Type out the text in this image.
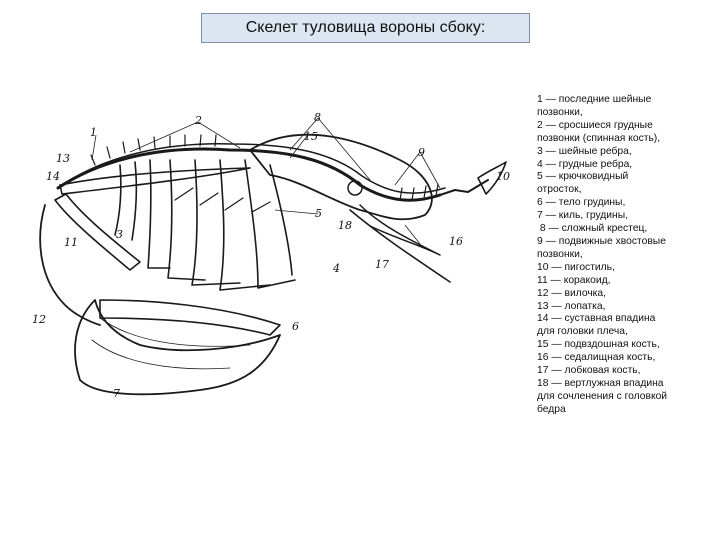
Скелет туловища вороны сбоку:
1
2
3
4
5
6
7
8
9
10
11
12
13
14
15
16
17
18
1 — последние шейные
позвонки,
2 — сросшиеся грудные
позвонки (спинная кость),
3 — шейные ребра,
4 — грудные ребра,
5 — крючковидный
отросток,
6 — тело грудины,
7 — киль, грудины,
8 — сложный крестец,
9 — подвижные хвостовые
позвонки,
10 — пигостиль,
11 — коракоид,
12 — вилочка,
13 — лопатка,
14 — суставная впадина
для головки плеча,
15 — подвздошная кость,
16 — седалищная кость,
17 — лобковая кость,
18 — вертлужная впадина
для сочленения с головкой
бедра
